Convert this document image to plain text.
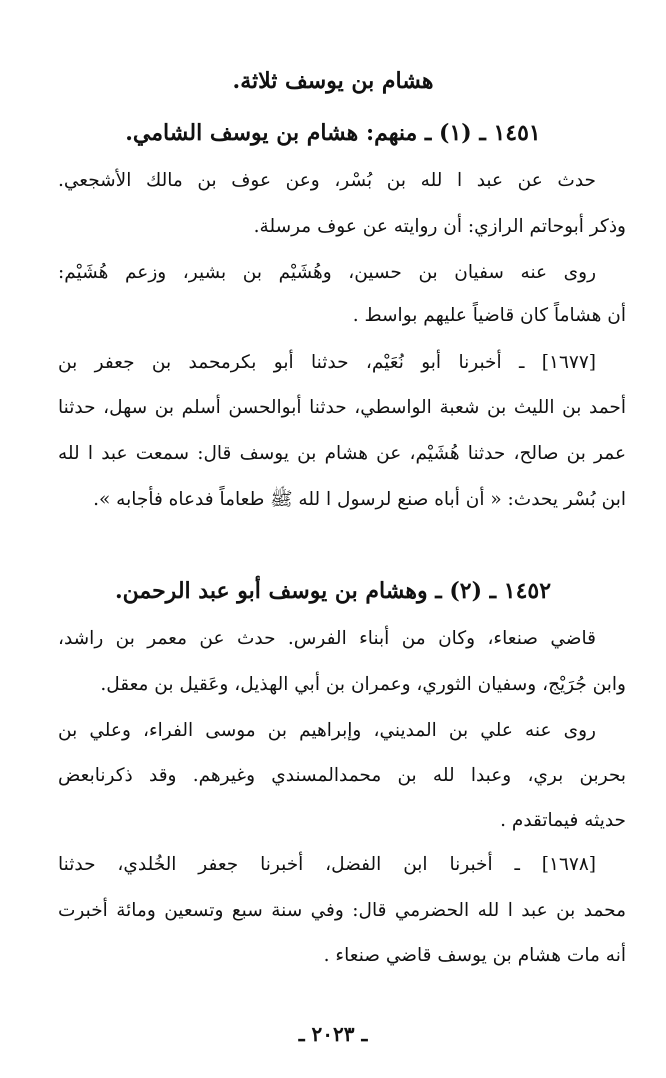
هشام بن يوسف ثلاثة.
١٤٥١ ـ (١) ـ منهم: هشام بن يوسف الشامي.
حدث عن عبد ا لله بن بُسْر، وعن عوف بن مالك الأشجعي.
وذكر أبوحاتم الرازي: أن روايته عن عوف مرسلة.
روى عنه سفيان بن حسين، وهُشَيْم بن بشير، وزعم هُشَيْم:
أن هشاماً كان قاضياً عليهم بواسط .
[١٦٧٧] ـ أخبرنا أبو نُعَيْم، حدثنا أبو بكرمحمد بن جعفر بن
أحمد بن الليث بن شعبة الواسطي، حدثنا أبوالحسن أسلم بن سهل، حدثنا
عمر بن صالح، حدثنا هُشَيْم، عن هشام بن يوسف قال: سمعت عبد ا لله
ابن بُسْر يحدث: « أن أباه صنع لرسول ا لله ﷺ طعاماً فدعاه فأجابه ».
١٤٥٢ ـ (٢) ـ وهشام بن يوسف أبو عبد الرحمن.
قاضي صنعاء، وكان من أبناء الفرس. حدث عن معمر بن راشد،
وابن جُرَيْج، وسفيان الثوري، وعمران بن أبي الهذيل، وعَقيل بن معقل.
روى عنه علي بن المديني، وإبراهيم بن موسى الفراء، وعلي بن
بحربن بري، وعبدا لله بن محمدالمسندي وغيرهم. وقد ذكرنابعض
حديثه فيماتقدم .
[١٦٧٨] ـ أخبرنا ابن الفضل، أخبرنا جعفر الخُلدي، حدثنا
محمد بن عبد ا لله الحضرمي قال: وفي سنة سبع وتسعين ومائة أخبرت
أنه مات هشام بن يوسف قاضي صنعاء .
ـ ٢٠٢٣ ـ
